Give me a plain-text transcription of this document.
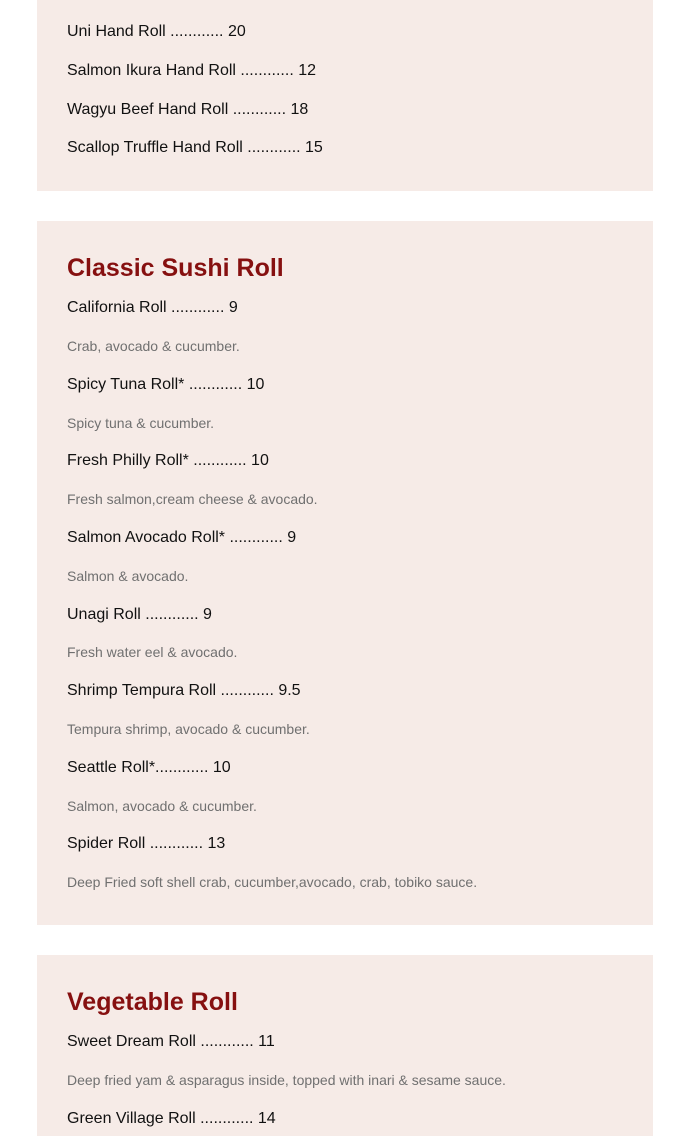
Uni Hand Roll ............ 20
Salmon Ikura Hand Roll ............ 12
Wagyu Beef Hand Roll ............ 18
Scallop Truffle Hand Roll ............ 15
Classic Sushi Roll
California Roll ............ 9
Crab, avocado & cucumber.
Spicy Tuna Roll* ............ 10
Spicy tuna & cucumber.
Fresh Philly Roll* ............ 10
Fresh salmon,cream cheese & avocado.
Salmon Avocado Roll* ............ 9
Salmon & avocado.
Unagi Roll ............ 9
Fresh water eel & avocado.
Shrimp Tempura Roll ............ 9.5
Tempura shrimp, avocado & cucumber.
Seattle Roll*............ 10
Salmon, avocado & cucumber.
Spider Roll ............ 13
Deep Fried soft shell crab, cucumber,avocado, crab, tobiko sauce.
Vegetable Roll
Sweet Dream Roll ............ 11
Deep fried yam & asparagus inside, topped with inari & sesame sauce.
Green Village Roll ............ 14
